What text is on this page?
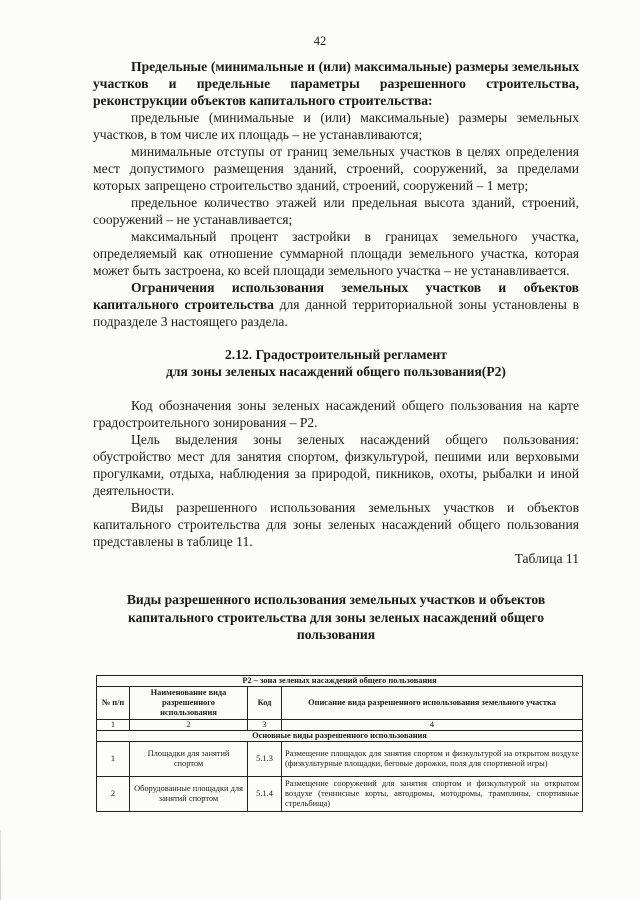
42

Предельные (минимальные и (или) максимальные) размеры земельных участков и предельные параметры разрешенного строительства, реконструкции объектов капитального строительства:

предельные (минимальные и (или) максимальные) размеры земельных участков, в том числе их площадь – не устанавливаются;

минимальные отступы от границ земельных участков в целях определения мест допустимого размещения зданий, строений, сооружений, за пределами которых запрещено строительство зданий, строений, сооружений – 1 метр;

предельное количество этажей или предельная высота зданий, строений, сооружений – не устанавливается;

максимальный процент застройки в границах земельного участка, определяемый как отношение суммарной площади земельного участка, которая может быть застроена, ко всей площади земельного участка – не устанавливается.

Ограничения использования земельных участков и объектов капитального строительства для данной территориальной зоны установлены в подразделе 3 настоящего раздела.

2.12. Градостроительный регламент
для зоны зеленых насаждений общего пользования(Р2)

Код обозначения зоны зеленых насаждений общего пользования на карте градостроительного зонирования – Р2.

Цель выделения зоны зеленых насаждений общего пользования: обустройство мест для занятия спортом, физкультурой, пешими или верховыми прогулками, отдыха, наблюдения за природой, пикников, охоты, рыбалки и иной деятельности.

Виды разрешенного использования земельных участков и объектов капитального строительства для зоны зеленых насаждений общего пользования представлены в таблице 11.

Таблица 11

Виды разрешенного использования земельных участков и объектов
капитального строительства для зоны зеленых насаждений общего
пользования
Р2 – зона зеленых насаждений общего пользования			
№ п/п	Наименование вида разрешенного использования	Код	Описание вида разрешенного использования земельного участка
1	2	3	4
Основные виды разрешенного использования			
1	Площадки для занятий спортом	5.1.3	Размещение площадок для занятия спортом и физкультурой на открытом воздухе (физкультурные площадки, беговые дорожки, поля для спортивной игры)
2	Оборудованные площадки для занятий спортом	5.1.4	Размещение сооружений для занятия спортом и физкультурой на открытом воздухе (теннисные корты, автодромы, мотодромы, трамплины, спортивные стрельбища)
